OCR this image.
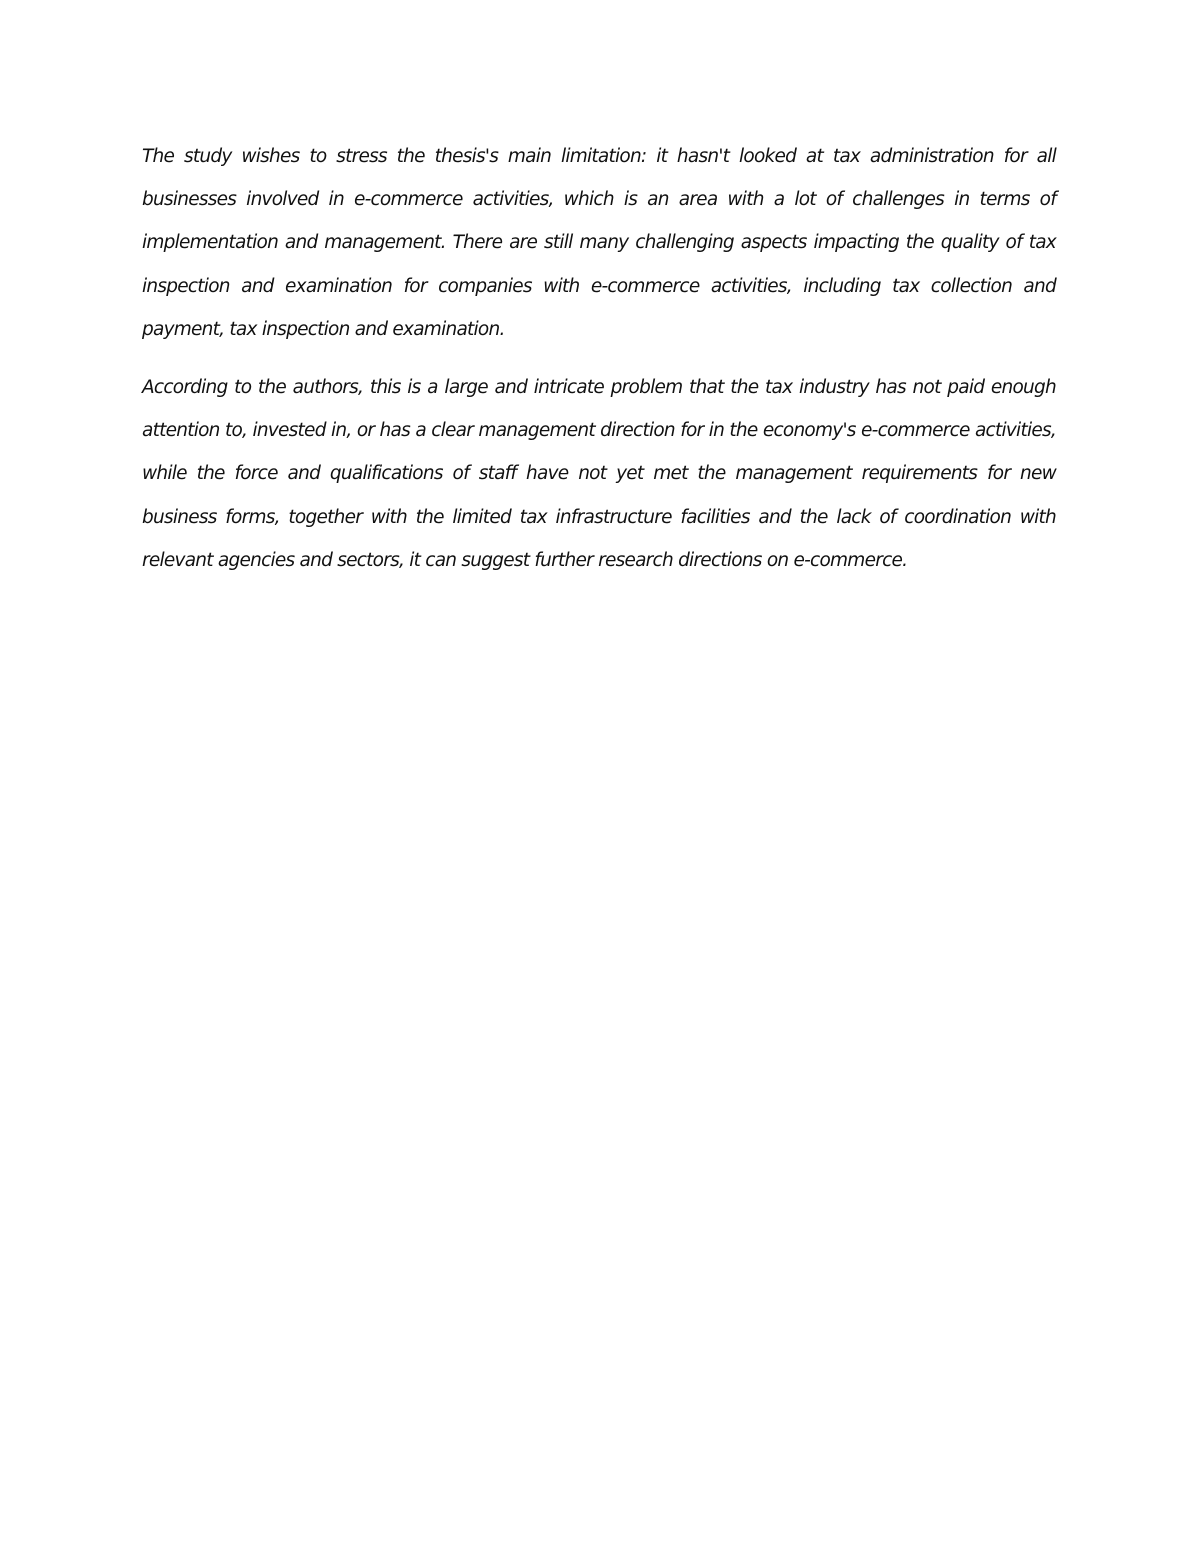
The study wishes to stress the thesis's main limitation: it hasn't looked at tax administration for all businesses involved in e-commerce activities, which is an area with a lot of challenges in terms of implementation and management. There are still many challenging aspects impacting the quality of tax inspection and examination for companies with e-commerce activities, including tax collection and payment, tax inspection and examination.

According to the authors, this is a large and intricate problem that the tax industry has not paid enough attention to, invested in, or has a clear management direction for in the economy's e-commerce activities, while the force and qualifications of staff have not yet met the management requirements for new business forms, together with the limited tax infrastructure facilities and the lack of coordination with relevant agencies and sectors, it can suggest further research directions on e-commerce.
